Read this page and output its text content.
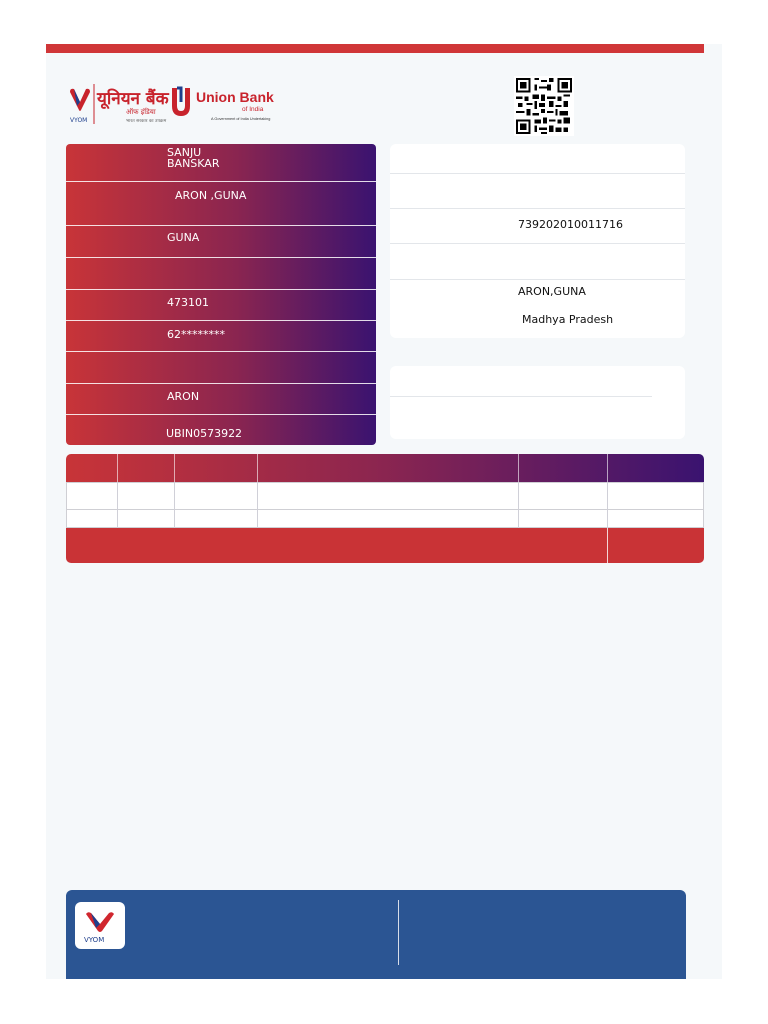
VYOM
यूनियन बैंक
ऑफ इंडिया
भारत सरकार का उपक्रम
Union Bank
of India
A Government of India Undertaking
SANJU
BANSKAR
ARON ,GUNA
GUNA
473101
62********
ARON
UBIN0573922
739202010011716
ARON,GUNA
Madhya Pradesh
VYOM
